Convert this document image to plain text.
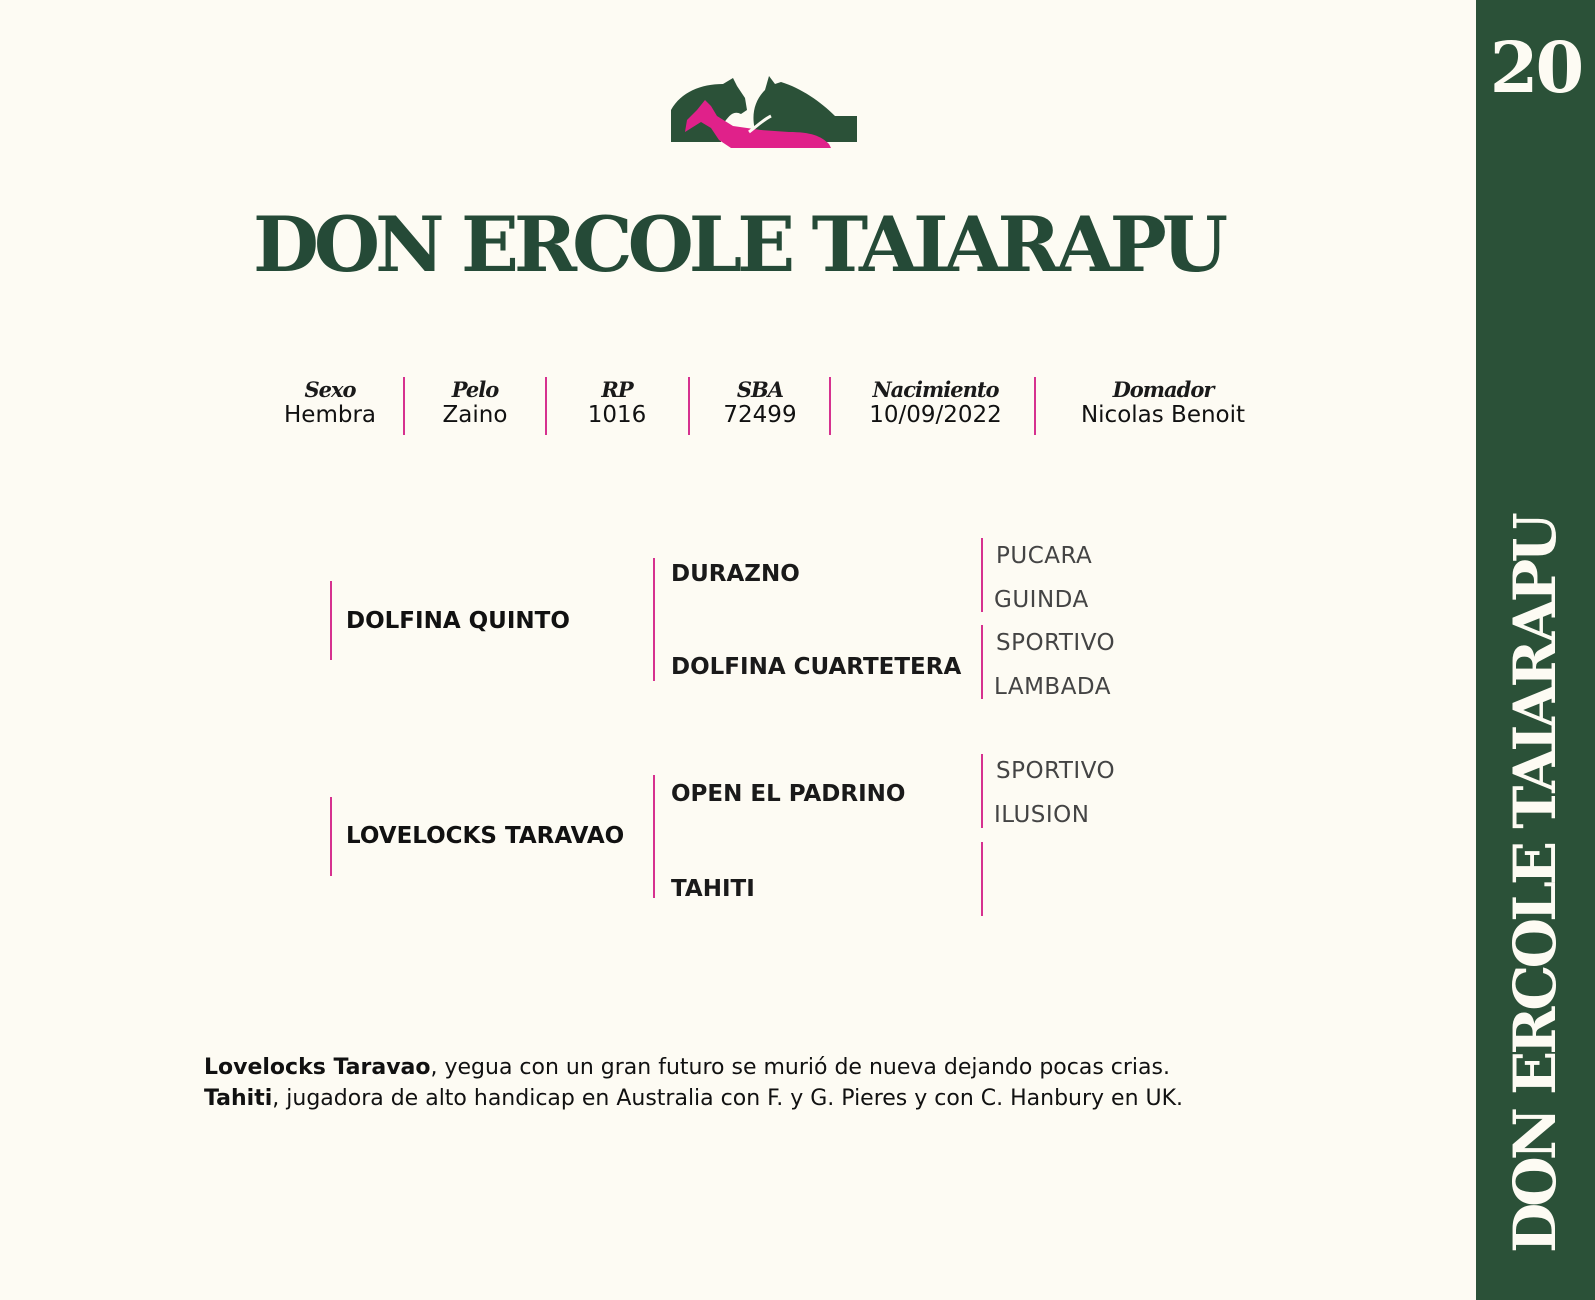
20
DON ERCOLE TAIARAPU
DON ERCOLE TAIARAPU
Sexo
Hembra
Pelo
Zaino
RP
1016
SBA
72499
Nacimiento
10/09/2022
Domador
Nicolas Benoit
DOLFINA QUINTO
DURAZNO
DOLFINA CUARTETERA
PUCARA
GUINDA
SPORTIVO
LAMBADA
LOVELOCKS TARAVAO
OPEN EL PADRINO
TAHITI
SPORTIVO
ILUSION

Lovelocks Taravao, yegua con un gran futuro se murió de nueva dejando pocas crias.

Tahiti, jugadora de alto handicap en Australia con F. y G. Pieres y con C. Hanbury en UK.
